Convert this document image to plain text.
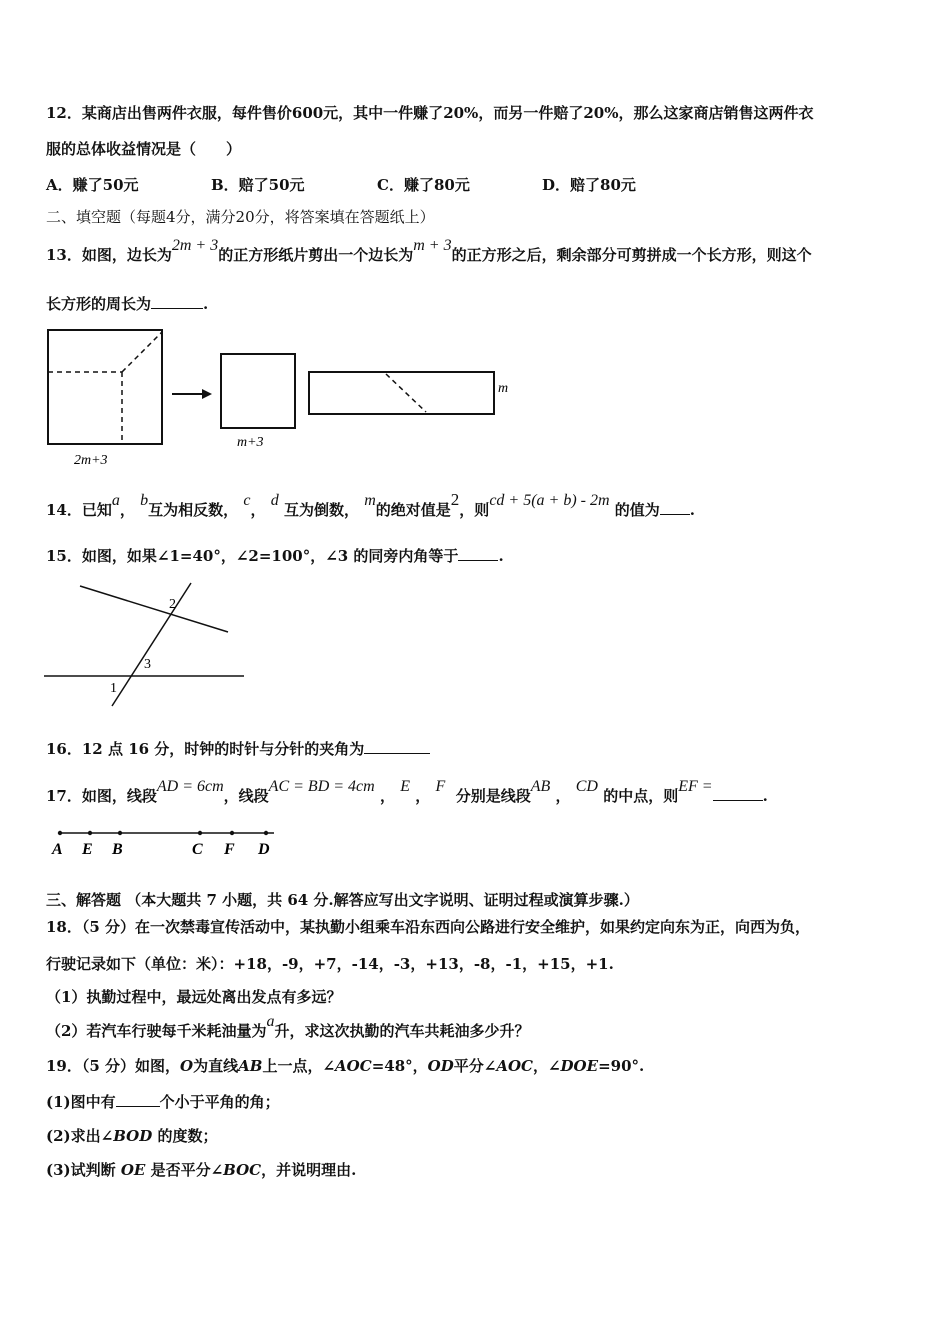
12．某商店出售两件衣服，每件售价600元，其中一件赚了20%，而另一件赔了20%，那么这家商店销售这两件衣
服的总体收益情况是（　　）
A．赚了50元	B．赔了50元	C．赚了80元	D．赔了80元
二、填空题（每题4分，满分20分，将答案填在答题纸上）
13．如图，边长为2m + 3的正方形纸片剪出一个边长为m + 3的正方形之后，剩余部分可剪拼成一个长方形，则这个
长方形的周长为	.
2m+3
m+3
m
14．已知a， b互为相反数， c， d 互为倒数， m的绝对值是2，则cd + 5(a + b) - 2m 的值为 .
15．如图，如果∠1=40°，∠2=100°，∠3 的同旁内角等于	.
2
3
1
16．12 点 16 分，时钟的时针与分针的夹角为
17．如图，线段AD = 6cm，线段AC = BD = 4cm ， E ， F  分别是线段AB ， CD 的中点，则EF =.
A E B	C F D
三、解答题 （本大题共 7 小题，共 64 分.解答应写出文字说明、证明过程或演算步骤.）
18．（5 分）在一次禁毒宣传活动中，某执勤小组乘车沿东西向公路进行安全维护，如果约定向东为正，向西为负，
行驶记录如下（单位：米）：+18，-9，+7，-14，-3，+13，-8，-1，+15，+1.
（1）执勤过程中，最远处离出发点有多远？
（2）若汽车行驶每千米耗油量为a升，求这次执勤的汽车共耗油多少升？
19．（5 分）如图，O为直线AB上一点，∠AOC=48°，OD平分∠AOC，∠DOE=90°.
(1)图中有	个小于平角的角；
(2)求出∠BOD 的度数；
(3)试判断 OE 是否平分∠BOC，并说明理由.
